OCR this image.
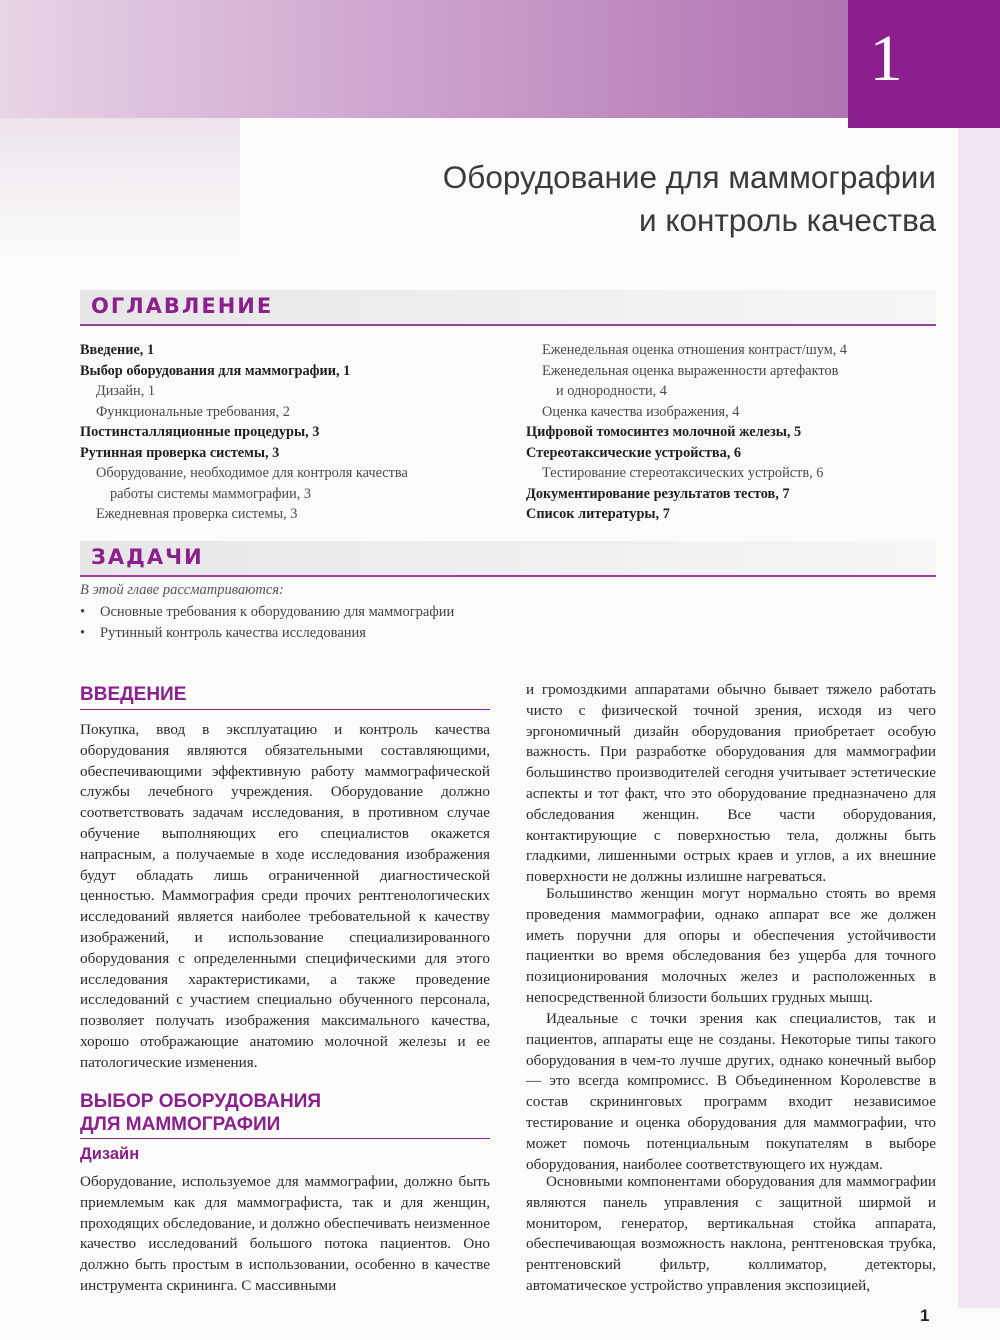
1
Оборудование для маммографии
и контроль качества
ОГЛАВЛЕНИЕ
Введение, 1
Выбор оборудования для маммографии, 1
Дизайн, 1
Функциональные требования, 2
Постинсталляционные процедуры, 3
Рутинная проверка системы, 3
Оборудование, необходимое для контроля качества
работы системы маммографии, 3
Ежедневная проверка системы, 3
Еженедельная оценка отношения контраст/шум, 4
Еженедельная оценка выраженности артефактов
и однородности, 4
Оценка качества изображения, 4
Цифровой томосинтез молочной железы, 5
Стереотаксические устройства, 6
Тестирование стереотаксических устройств, 6
Документирование результатов тестов, 7
Список литературы, 7
ЗАДАЧИ
В этой главе рассматриваются:
• Основные требования к оборудованию для маммографии
• Рутинный контроль качества исследования
ВВЕДЕНИЕ
Покупка, ввод в эксплуатацию и контроль качества оборудования являются обязательными составляющими, обеспечивающими эффективную работу маммографической службы лечебного учреждения. Оборудование должно соответствовать задачам исследования, в противном случае обучение выполняющих его специалистов окажется напрасным, а получаемые в ходе исследования изображения будут обладать лишь ограниченной диагностической ценностью. Маммография среди прочих рентгенологических исследований является наиболее требовательной к качеству изображений, и использование специализированного оборудования с определенными специфическими для этого исследования характеристиками, а также проведение исследований с участием специально обученного персонала, позволяет получать изображения максимального качества, хорошо отображающие анатомию молочной железы и ее патологические изменения.
ВЫБОР ОБОРУДОВАНИЯ
ДЛЯ МАММОГРАФИИ
Дизайн
Оборудование, используемое для маммографии, должно быть приемлемым как для маммографиста, так и для женщин, проходящих обследование, и должно обеспечивать неизменное качество исследований большого потока пациентов. Оно должно быть простым в использовании, особенно в качестве инструмента скрининга. С массивными
и громоздкими аппаратами обычно бывает тяжело работать чисто с физической точной зрения, исходя из чего эргономичный дизайн оборудования приобретает особую важность. При разработке оборудования для маммографии большинство производителей сегодня учитывает эстетические аспекты и тот факт, что это оборудование предназначено для обследования женщин. Все части оборудования, контактирующие с поверхностью тела, должны быть гладкими, лишенными острых краев и углов, а их внешние поверхности не должны излишне нагреваться.
Большинство женщин могут нормально стоять во время проведения маммографии, однако аппарат все же должен иметь поручни для опоры и обеспечения устойчивости пациентки во время обследования без ущерба для точного позиционирования молочных желез и расположенных в непосредственной близости больших грудных мышц.
Идеальные с точки зрения как специалистов, так и пациентов, аппараты еще не созданы. Некоторые типы такого оборудования в чем-то лучше других, однако конечный выбор — это всегда компромисс. В Объединенном Королевстве в состав скрининговых программ входит независимое тестирование и оценка оборудования для маммографии, что может помочь потенциальным покупателям в выборе оборудования, наиболее соответствующего их нуждам.
Основными компонентами оборудования для маммографии являются панель управления с защитной ширмой и монитором, генератор, вертикальная стойка аппарата, обеспечивающая возможность наклона, рентгеновская трубка, рентгеновский фильтр, коллиматор, детекторы, автоматическое устройство управления экспозицией,
1
